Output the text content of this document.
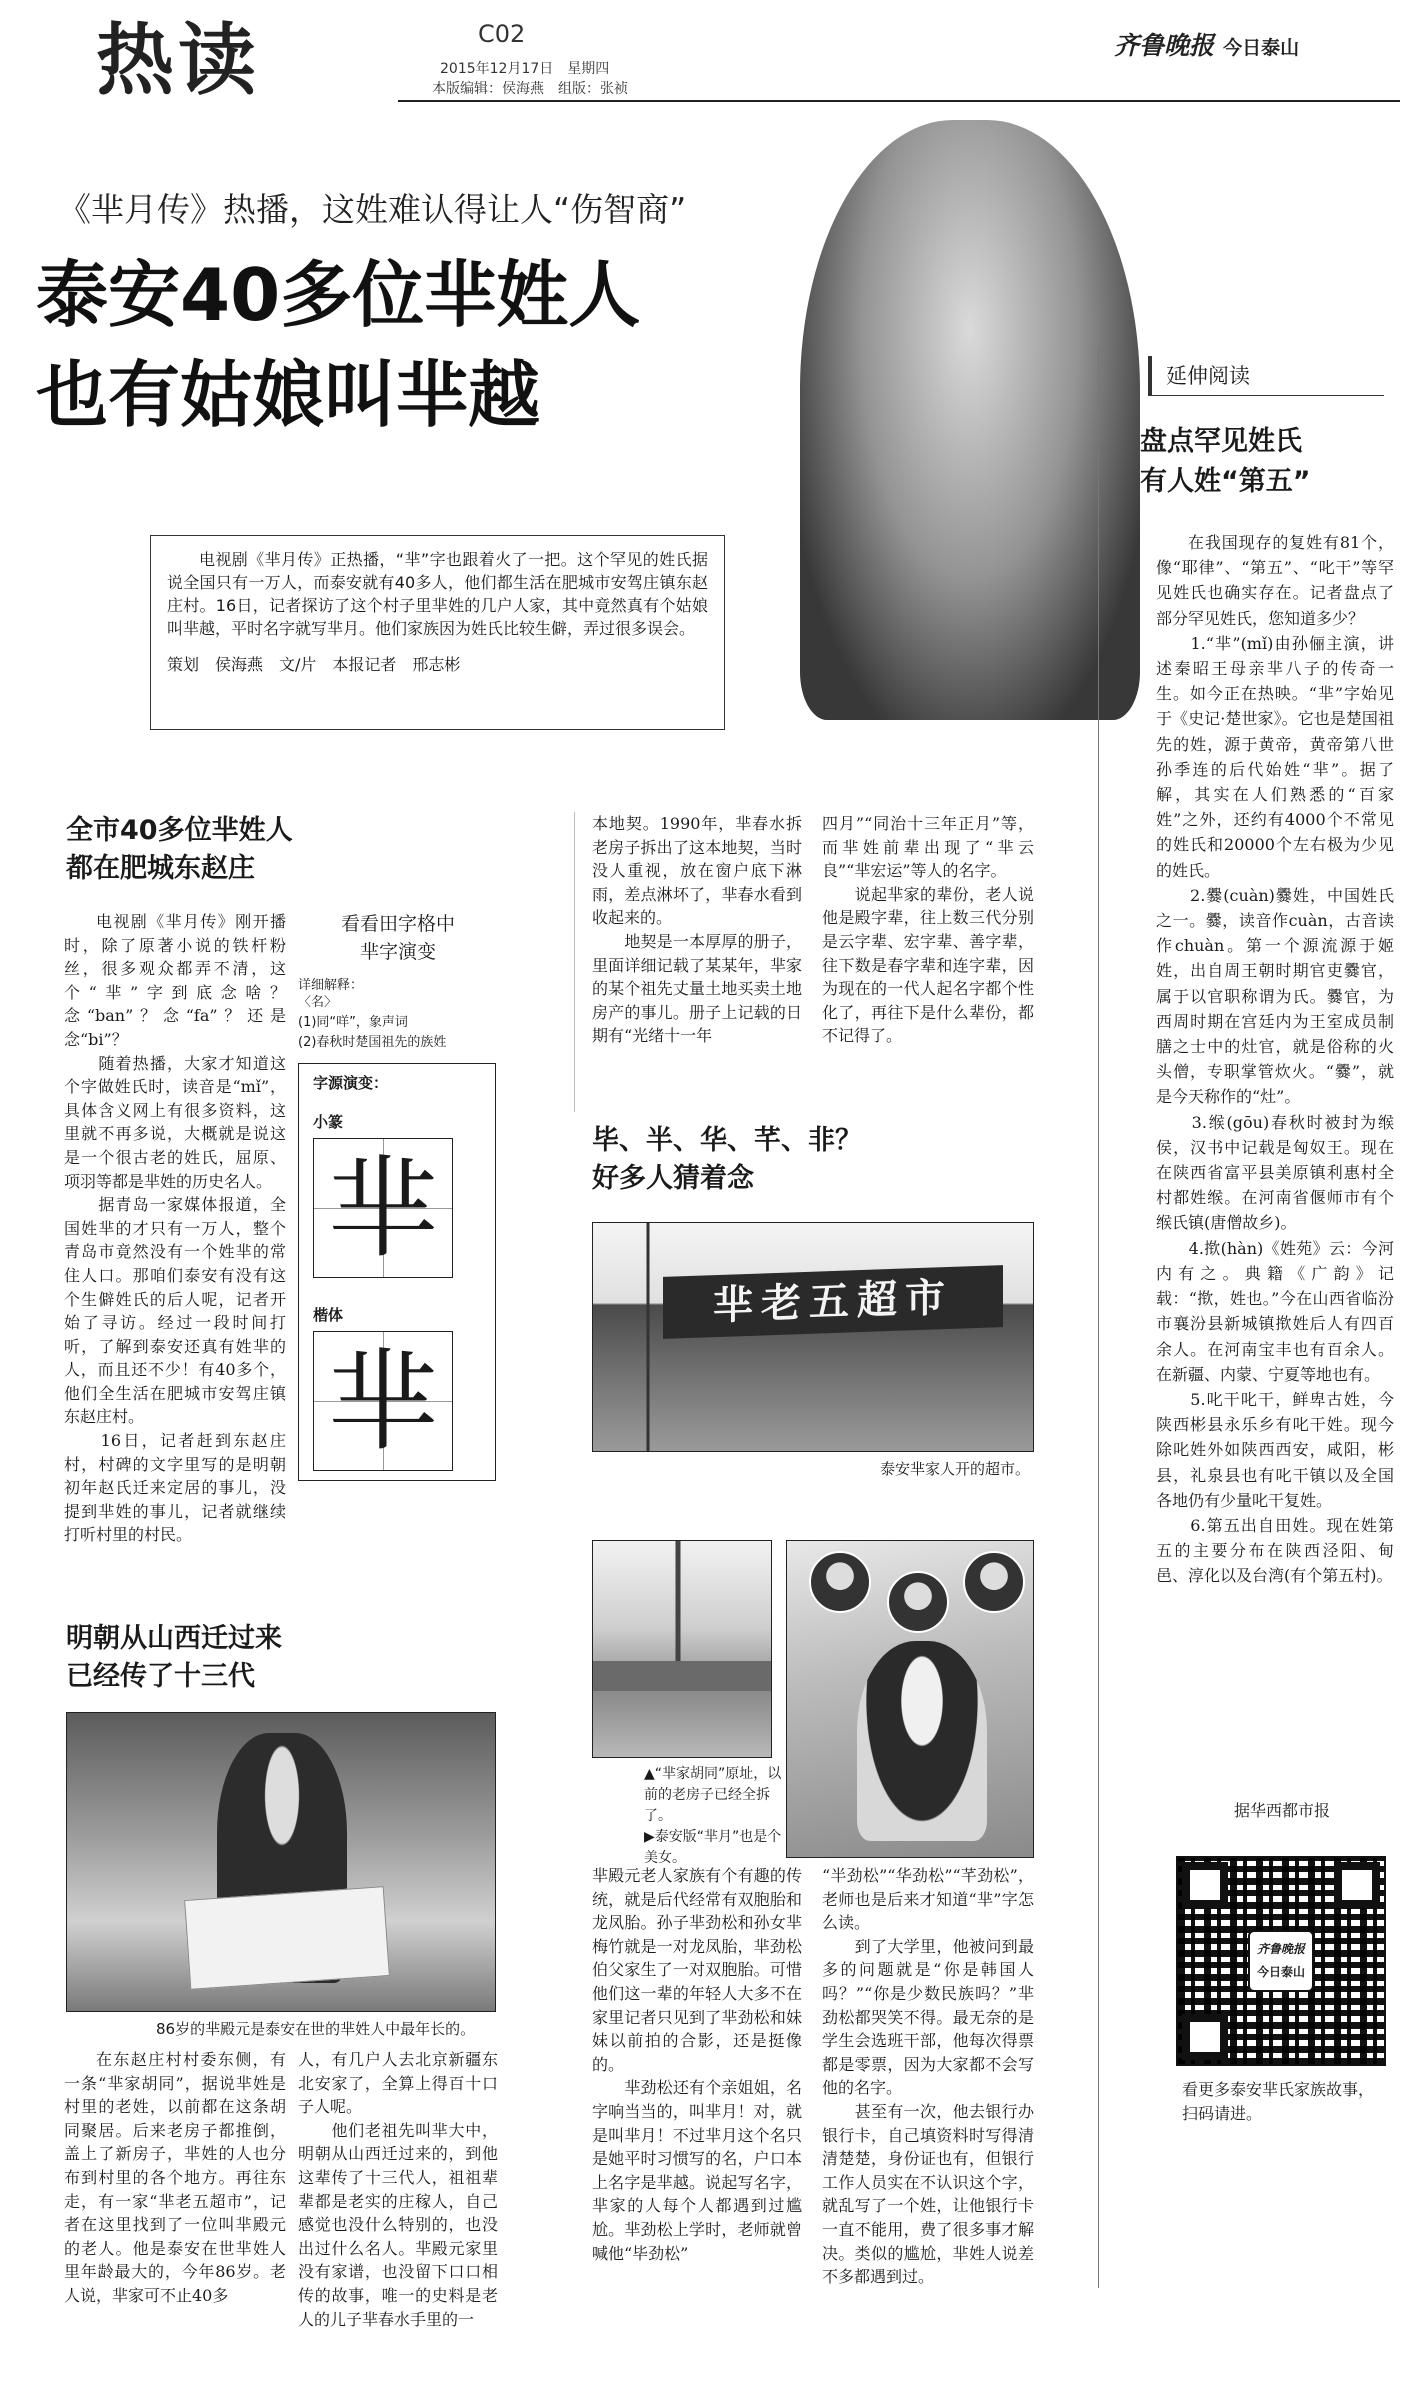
热读	C02
2015年12月17日　星期四
本版编辑：侯海燕　组版：张祯
齐鲁晚报 今日泰山
《芈月传》热播，这姓难认得让人“伤智商”
泰安40多位芈姓人
也有姑娘叫芈越
电视剧《芈月传》正热播，“芈”字也跟着火了一把。这个罕见的姓氏据说全国只有一万人，而泰安就有40多人，他们都生活在肥城市安驾庄镇东赵庄村。16日，记者探访了这个村子里芈姓的几户人家，其中竟然真有个姑娘叫芈越，平时名字就写芈月。他们家族因为姓氏比较生僻，弄过很多误会。
策划　侯海燕　文/片　本报记者　邢志彬
延伸阅读
盘点罕见姓氏
有人姓“第五”
在我国现存的复姓有81个，像“耶律”、“第五”、“叱干”等罕见姓氏也确实存在。记者盘点了部分罕见姓氏，您知道多少？
　　1.“芈”(mǐ)由孙俪主演，讲述秦昭王母亲芈八子的传奇一生。如今正在热映。“芈”字始见于《史记·楚世家》。它也是楚国祖先的姓，源于黄帝，黄帝第八世孙季连的后代始姓“芈”。据了解，其实在人们熟悉的“百家姓”之外，还约有4000个不常见的姓氏和20000个左右极为少见的姓氏。
　　2.爨(cuàn)爨姓，中国姓氏之一。爨，读音作cuàn，古音读作chuàn。第一个源流源于姬姓，出自周王朝时期官吏爨官，属于以官职称谓为氏。爨官，为西周时期在宫廷内为王室成员制膳之士中的灶官，就是俗称的火头僧，专职掌管炊火。“爨”，就是今天称作的“灶”。
　　3.缑(gōu)春秋时被封为缑侯，汉书中记载是匈奴王。现在在陕西省富平县美原镇利惠村全村都姓缑。在河南省偃师市有个缑氏镇(唐僧故乡)。
　　4.揿(hàn)《姓苑》云：今河内有之。典籍《广韵》记载：“揿，姓也。”今在山西省临汾市襄汾县新城镇揿姓后人有四百余人。在河南宝丰也有百余人。在新疆、内蒙、宁夏等地也有。
　　5.叱干叱干，鲜卑古姓，今陕西彬县永乐乡有叱干姓。现今除叱姓外如陕西西安，咸阳，彬县，礼泉县也有叱干镇以及全国各地仍有少量叱干复姓。
　　6.第五出自田姓。现在姓第五的主要分布在陕西泾阳、甸邑、淳化以及台湾(有个第五村)。
据华西都市报
齐鲁晚报
今日泰山
看更多泰安芈氏家族故事，扫码请进。
全市40多位芈姓人
都在肥城东赵庄
电视剧《芈月传》刚开播时，除了原著小说的铁杆粉丝，很多观众都弄不清，这个“芈”字到底念啥？念“ban”？念“fa”？还是念“bi”？
　　随着热播，大家才知道这个字做姓氏时，读音是“mǐ”，具体含义网上有很多资料，这里就不再多说，大概就是说这是一个很古老的姓氏，屈原、项羽等都是芈姓的历史名人。
　　据青岛一家媒体报道，全国姓芈的才只有一万人，整个青岛市竟然没有一个姓芈的常住人口。那咱们泰安有没有这个生僻姓氏的后人呢，记者开始了寻访。经过一段时间打听，了解到泰安还真有姓芈的人，而且还不少！有40多个，他们全生活在肥城市安驾庄镇东赵庄村。
　　16日，记者赶到东赵庄村，村碑的文字里写的是明朝初年赵氏迁来定居的事儿，没提到芈姓的事儿，记者就继续打听村里的村民。
看看田字格中
芈字演变
详细解释：
〈名〉
(1)同“咩”，象声词
(2)春秋时楚国祖先的族姓
字源演变：
小篆
芈
楷体
芈
明朝从山西迁过来
已经传了十三代
86岁的芈殿元是泰安在世的芈姓人中最年长的。
在东赵庄村村委东侧，有一条“芈家胡同”，据说芈姓是村里的老姓，以前都在这条胡同聚居。后来老房子都推倒，盖上了新房子，芈姓的人也分布到村里的各个地方。再往东走，有一家“芈老五超市”，记者在这里找到了一位叫芈殿元的老人。他是泰安在世芈姓人里年龄最大的，今年86岁。老人说，芈家可不止40多
人，有几户人去北京新疆东北安家了，全算上得百十口子人呢。
　　他们老祖先叫芈大中，明朝从山西迁过来的，到他这辈传了十三代人，祖祖辈辈都是老实的庄稼人，自己感觉也没什么特别的，也没出过什么名人。芈殿元家里没有家谱，也没留下口口相传的故事，唯一的史料是老人的儿子芈春水手里的一
本地契。1990年，芈春水拆老房子拆出了这本地契，当时没人重视，放在窗户底下淋雨，差点淋坏了，芈春水看到收起来的。
　　地契是一本厚厚的册子，里面详细记载了某某年，芈家的某个祖先丈量土地买卖土地房产的事儿。册子上记载的日期有“光绪十一年
四月”“同治十三年正月”等，而芈姓前辈出现了“芈云良”“芈宏运”等人的名字。
　　说起芈家的辈份，老人说他是殿字辈，往上数三代分别是云字辈、宏字辈、善字辈，往下数是春字辈和连字辈，因为现在的一代人起名字都个性化了，再往下是什么辈份，都不记得了。
毕、半、华、芊、非？
好多人猜着念
芈老五超市
泰安芈家人开的超市。
▲“芈家胡同”原址，以前的老房子已经全拆了。
▶泰安版“芈月”也是个美女。
芈殿元老人家族有个有趣的传统，就是后代经常有双胞胎和龙凤胎。孙子芈劲松和孙女芈梅竹就是一对龙凤胎，芈劲松伯父家生了一对双胞胎。可惜他们这一辈的年轻人大多不在家里记者只见到了芈劲松和妹妹以前拍的合影，还是挺像的。
　　芈劲松还有个亲姐姐，名字响当当的，叫芈月！对，就是叫芈月！不过芈月这个名只是她平时习惯写的名，户口本上名字是芈越。说起写名字，芈家的人每个人都遇到过尴尬。芈劲松上学时，老师就曾喊他“毕劲松”
“半劲松”“华劲松”“芊劲松”，老师也是后来才知道“芈”字怎么读。
　　到了大学里，他被问到最多的问题就是“你是韩国人吗？”“你是少数民族吗？”芈劲松都哭笑不得。最无奈的是学生会选班干部，他每次得票都是零票，因为大家都不会写他的名字。
　　甚至有一次，他去银行办银行卡，自己填资料时写得清清楚楚，身份证也有，但银行工作人员实在不认识这个字，就乱写了一个姓，让他银行卡一直不能用，费了很多事才解决。类似的尴尬，芈姓人说差不多都遇到过。
